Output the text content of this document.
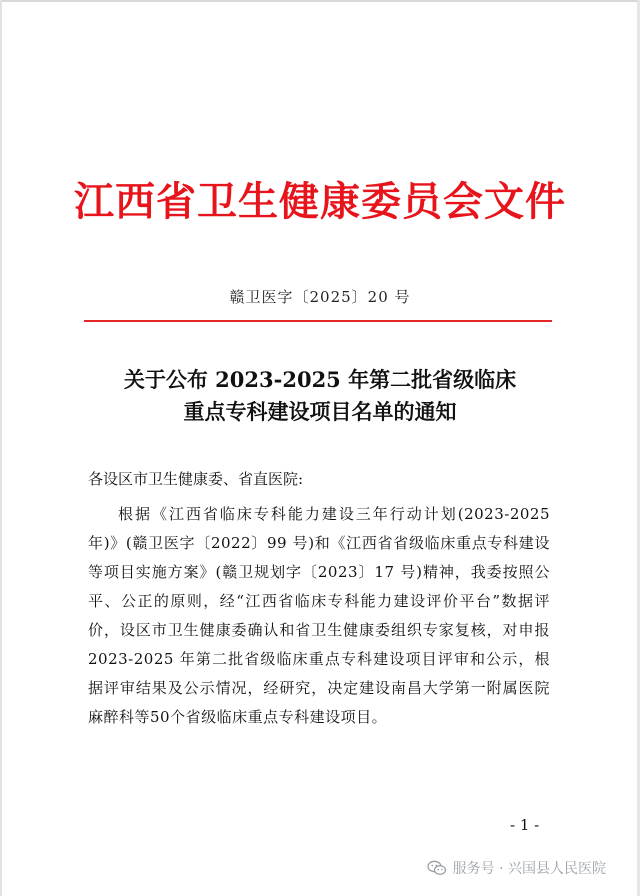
江西省卫生健康委员会文件
赣卫医字〔2025〕20 号
关于公布 2023-2025 年第二批省级临床
重点专科建设项目名单的通知
各设区市卫生健康委、省直医院:
根据《江西省临床专科能力建设三年行动计划(2023-2025年)》(赣卫医字〔2022〕99 号)和《江西省省级临床重点专科建设等项目实施方案》(赣卫规划字〔2023〕17 号)精神，我委按照公平、公正的原则，经“江西省临床专科能力建设评价平台”数据评价，设区市卫生健康委确认和省卫生健康委组织专家复核，对申报 2023-2025 年第二批省级临床重点专科建设项目评审和公示，根据评审结果及公示情况，经研究，决定建设南昌大学第一附属医院麻醉科等50个省级临床重点专科建设项目。
- 1 -
服务号 · 兴国县人民医院
